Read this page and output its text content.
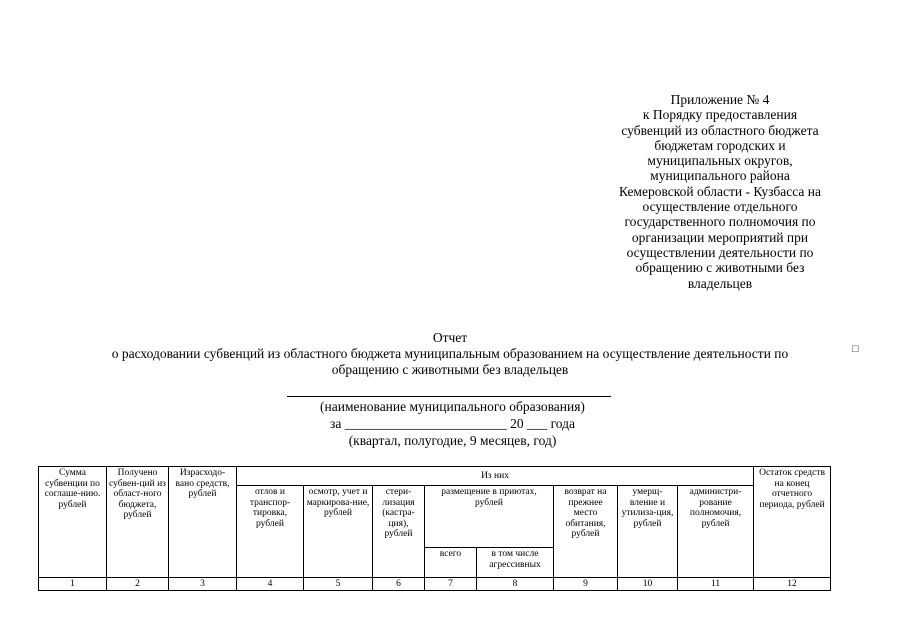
Приложение № 4
к Порядку предоставления
субвенций из областного бюджета
бюджетам городских и
муниципальных округов,
муниципального района
Кемеровской области - Кузбасса на
осуществление отдельного
государственного полномочия по
организации мероприятий при
осуществлении деятельности по
обращению с животными без
владельцев
Отчет
о расходовании субвенций из областного бюджета муниципальным образованием на осуществление деятельности по
обращению с животными без владельцев
□
(наименование муниципального образования)
за ________________________ 20 ___ года
(квартал, полугодие, 9 месяцев, год)
Сумма субвенции по соглаше-нию. рублей	Получено субвен-ций из област-ного бюджета, рублей	Израсходо-вано средств, рублей	Из них								Остаток средств на конец отчетного периода, рублей
			отлов и транспор-тировка, рублей	осмотр, учет и маркирова-ние, рублей	стери-лизация (кастра-ция), рублей	размещение в приютах, рублей		возврат на прежнее место обитания, рублей	умерщ-вление и утилиза-ция, рублей	администри-рование полномочия, рублей	
						всего	в том числе агрессивных				
1	2	3	4	5	6	7	8	9	10	11	12
